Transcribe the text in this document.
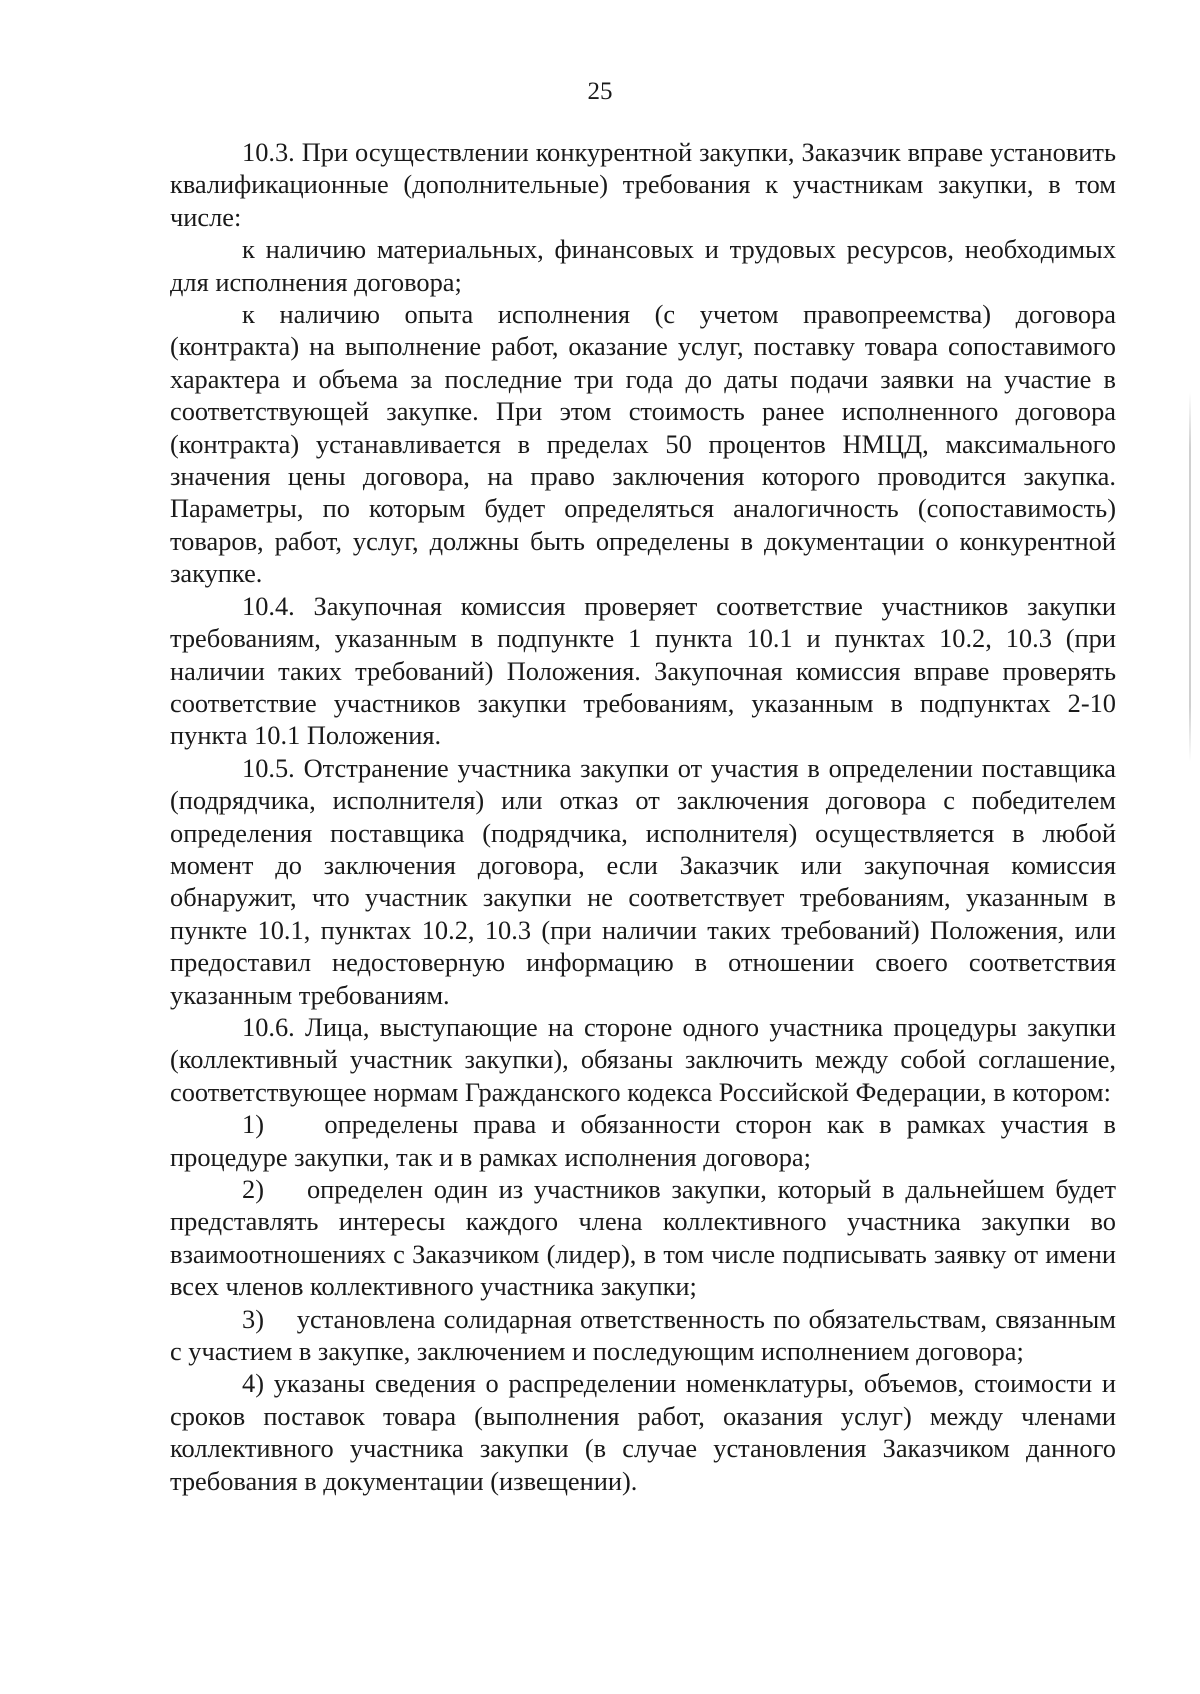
25

10.3. При осуществлении конкурентной закупки, Заказчик вправе установить квалификационные (дополнительные) требования к участникам закупки, в том числе:

к наличию материальных, финансовых и трудовых ресурсов, необходимых для исполнения договора;

к наличию опыта исполнения (с учетом правопреемства) договора (контракта) на выполнение работ, оказание услуг, поставку товара сопоставимого характера и объема за последние три года до даты подачи заявки на участие в соответствующей закупке. При этом стоимость ранее исполненного договора (контракта) устанавливается в пределах 50 процентов НМЦД, максимального значения цены договора, на право заключения которого проводится закупка. Параметры, по которым будет определяться аналогичность (сопоставимость) товаров, работ, услуг, должны быть определены в документации о конкурентной закупке.

10.4. Закупочная комиссия проверяет соответствие участников закупки требованиям, указанным в подпункте 1 пункта 10.1 и пунктах 10.2, 10.3 (при наличии таких требований) Положения. Закупочная комиссия вправе проверять соответствие участников закупки требованиям, указанным в подпунктах 2-10 пункта 10.1 Положения.

10.5. Отстранение участника закупки от участия в определении поставщика (подрядчика, исполнителя) или отказ от заключения договора с победителем определения поставщика (подрядчика, исполнителя) осуществляется в любой момент до заключения договора, если Заказчик или закупочная комиссия обнаружит, что участник закупки не соответствует требованиям, указанным в пункте 10.1, пунктах 10.2, 10.3 (при наличии таких требований) Положения, или предоставил недостоверную информацию в отношении своего соответствия указанным требованиям.

10.6. Лица, выступающие на стороне одного участника процедуры закупки (коллективный участник закупки), обязаны заключить между собой соглашение, соответствующее нормам Гражданского кодекса Российской Федерации, в котором:

1)    определены права и обязанности сторон как в рамках участия в процедуре закупки, так и в рамках исполнения договора;

2)    определен один из участников закупки, который в дальнейшем будет представлять интересы каждого члена коллективного участника закупки во взаимоотношениях с Заказчиком (лидер), в том числе подписывать заявку от имени всех членов коллективного участника закупки;

3)    установлена солидарная ответственность по обязательствам, связанным с участием в закупке, заключением и последующим исполнением договора;

4) указаны сведения о распределении номенклатуры, объемов, стоимости и сроков поставок товара (выполнения работ, оказания услуг) между членами коллективного участника закупки (в случае установления Заказчиком данного требования в документации (извещении).
